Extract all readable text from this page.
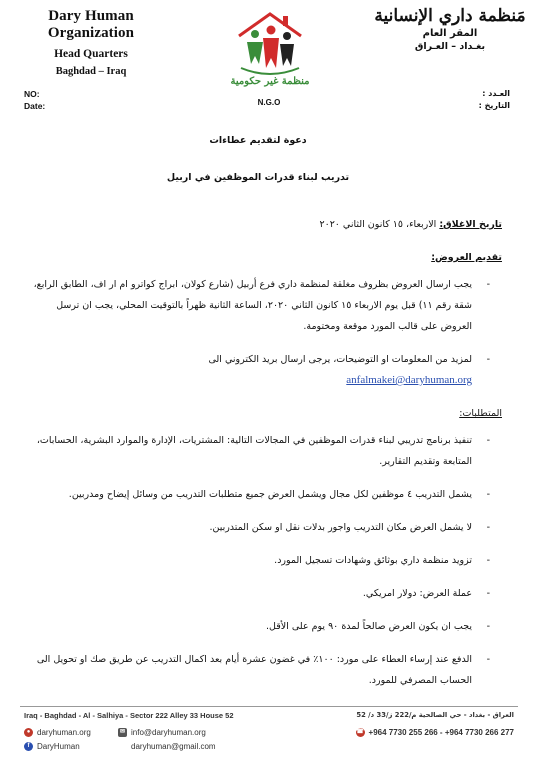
Dary Human Organization
Head Quarters
Baghdad – Iraq
N.G.O
منظمة غير حكومية
مَنظمة داري الإنسانية
المقر العام
بغـداد – العـراق
NO:
Date:
العـدد :
التاريخ :
دعوة لتقديم عطاءات
تدريب لبناء قدرات الموظفين في اربيل
تاريخ الاغلاق: الاربعاء، ١٥ كانون الثاني ٢٠٢٠
تقديم العروض:
-
يجب ارسال العروض بظروف مغلقة لمنظمة داري فرع أربيل (شارع كولان، ابراج كواترو ام ار اف، الطابق الرابع، شقة رقم ١١) قبل يوم الاربعاء ١٥ كانون الثاني ٢٠٢٠، الساعة الثانية ظهراً بالتوقيت المحلي، يجب ان ترسل العروض على قالب المورد موقعة ومختومة.
-
لمزيد من المعلومات او التوضيحات، يرجى ارسال بريد الكتروني الى
anfalmakei@daryhuman.org
المتطلبات:
-
تنفيذ برنامج تدريبي لبناء قدرات الموظفين في المجالات التالية: المشتريات، الإدارة والموارد البشرية، الحسابات، المتابعة وتقديم التقارير.
-
يشمل التدريب ٤ موظفين لكل مجال ويشمل العرض جميع متطلبات التدريب من وسائل إيضاح ومدربين.
-
لا يشمل العرض مكان التدريب واجور بدلات نقل او سكن المتدربين.
-
تزويد منظمة داري بوثائق وشهادات تسجيل المورد.
-
عملة العرض: دولار امريكي.
-
يجب ان يكون العرض صالحاً لمدة ٩٠ يوم على الأقل.
-
الدفع عند إرساء العطاء على مورد: ١٠٠٪ في غضون عشرة أيام بعد اكمال التدريب عن طريق صك او تحويل الى الحساب المصرفي للمورد.
Iraq - Baghdad - Al - Salhiya - Sector 222 Alley 33 House 52	العراق - بغداد - حي الصالحية م/222 ز/33 د/ 52
● daryhuman.org
f DaryHuman
✉ info@daryhuman.org
daryhuman@gmail.com
☎ +964 7730 255 266 - +964 7730 266 277
